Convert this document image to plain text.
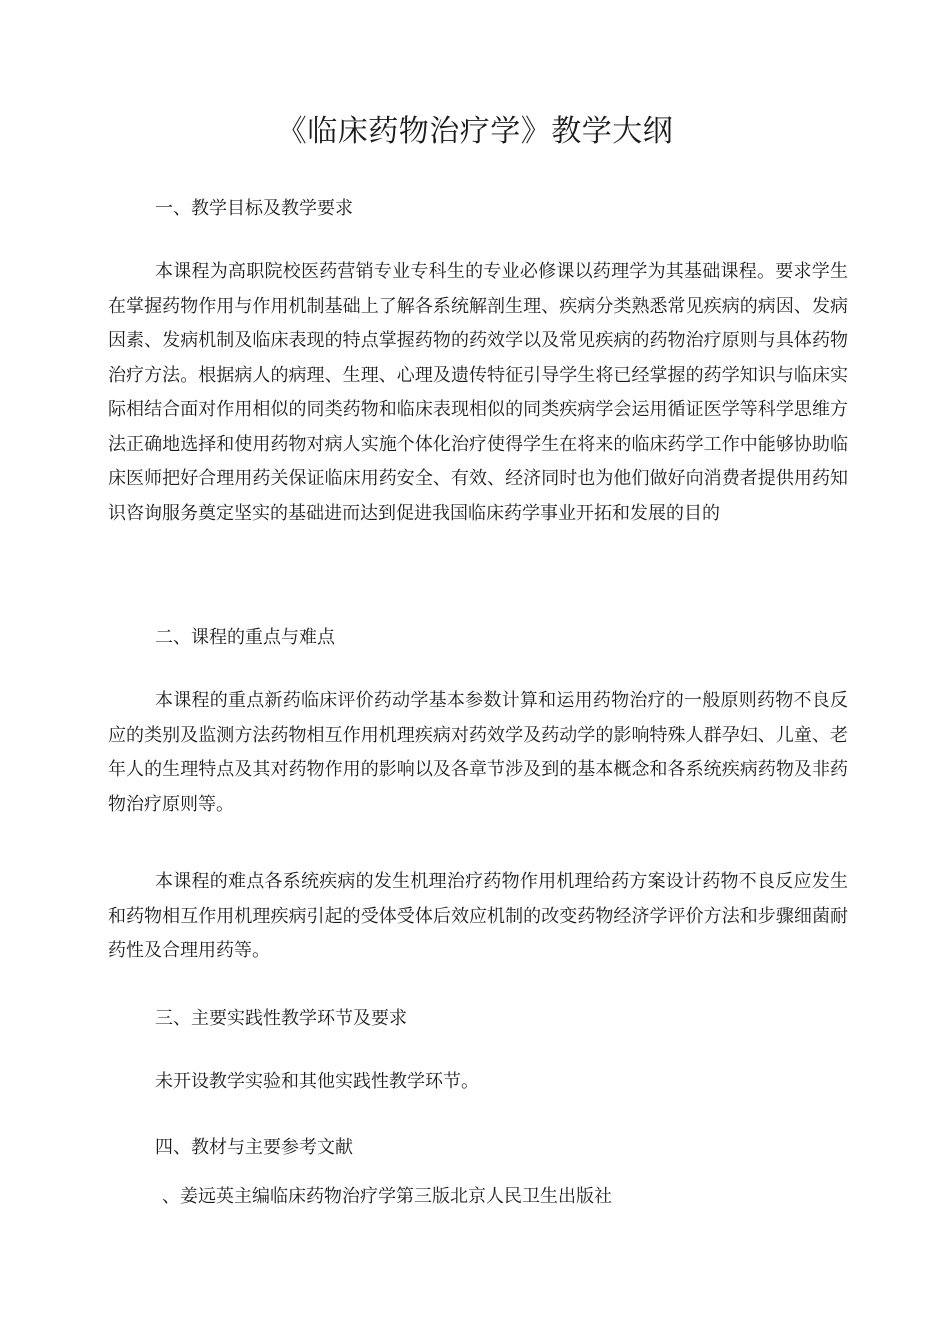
《临床药物治疗学》教学大纲
一、教学目标及教学要求

本课程为高职院校医药营销专业专科生的专业必修课以药理学为其基础课程。要求学生在掌握药物作用与作用机制基础上了解各系统解剖生理、疾病分类熟悉常见疾病的病因、发病因素、发病机制及临床表现的特点掌握药物的药效学以及常见疾病的药物治疗原则与具体药物治疗方法。根据病人的病理、生理、心理及遗传特征引导学生将已经掌握的药学知识与临床实际相结合面对作用相似的同类药物和临床表现相似的同类疾病学会运用循证医学等科学思维方法正确地选择和使用药物对病人实施个体化治疗使得学生在将来的临床药学工作中能够协助临床医师把好合理用药关保证临床用药安全、有效、经济同时也为他们做好向消费者提供用药知识咨询服务奠定坚实的基础进而达到促进我国临床药学事业开拓和发展的目的

二、课程的重点与难点

本课程的重点新药临床评价药动学基本参数计算和运用药物治疗的一般原则药物不良反应的类别及监测方法药物相互作用机理疾病对药效学及药动学的影响特殊人群孕妇、儿童、老年人的生理特点及其对药物作用的影响以及各章节涉及到的基本概念和各系统疾病药物及非药物治疗原则等。

本课程的难点各系统疾病的发生机理治疗药物作用机理给药方案设计药物不良反应发生和药物相互作用机理疾病引起的受体受体后效应机制的改变药物经济学评价方法和步骤细菌耐药性及合理用药等。

三、主要实践性教学环节及要求

未开设教学实验和其他实践性教学环节。

四、教材与主要参考文献

、姜远英主编临床药物治疗学第三版北京人民卫生出版社
